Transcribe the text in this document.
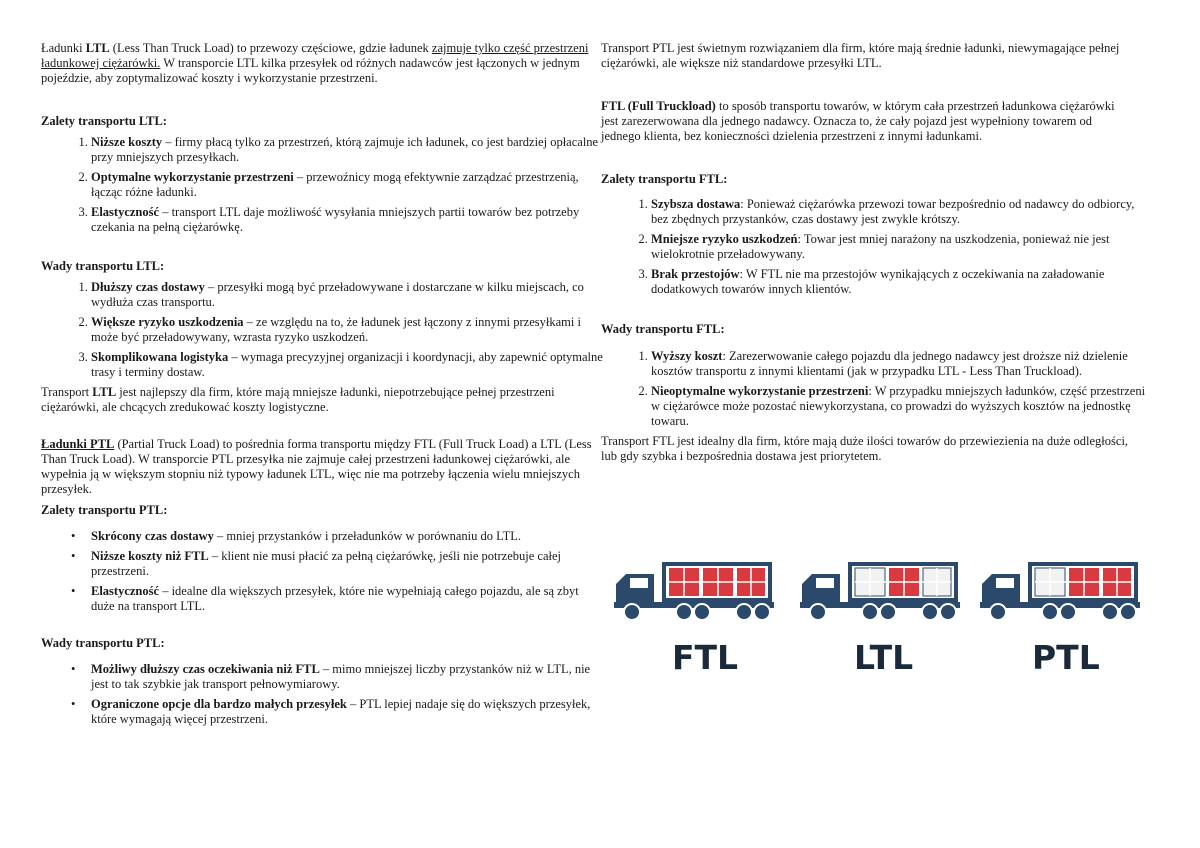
Transport PTL jest świetnym rozwiązaniem dla firm, które mają średnie ładunki, niewymagające pełnej ciężarówki, ale większe niż standardowe przesyłki LTL.

Ładunki LTL (Less Than Truck Load) to przewozy częściowe, gdzie ładunek zajmuje tylko część przestrzeni ładunkowej ciężarówki. W transporcie LTL kilka przesyłek od różnych nadawców jest łączonych w jednym pojeździe, aby zoptymalizować koszty i wykorzystanie przestrzeni.

Zalety transportu LTL:
1. Niższe koszty – firmy płacą tylko za przestrzeń, którą zajmuje ich ładunek, co jest bardziej opłacalne przy mniejszych przesyłkach.
2. Optymalne wykorzystanie przestrzeni – przewoźnicy mogą efektywnie zarządzać przestrzenią, łącząc różne ładunki.
3. Elastyczność – transport LTL daje możliwość wysyłania mniejszych partii towarów bez potrzeby czekania na pełną ciężarówkę.
Wady transportu LTL:
1. Dłuższy czas dostawy – przesyłki mogą być przeładowywane i dostarczane w kilku miejscach, co wydłuża czas transportu.
2. Większe ryzyko uszkodzenia – ze względu na to, że ładunek jest łączony z innymi przesyłkami i może być przeładowywany, wzrasta ryzyko uszkodzeń.
3. Skomplikowana logistyka – wymaga precyzyjnej organizacji i koordynacji, aby zapewnić optymalne trasy i terminy dostaw.

Transport LTL jest najlepszy dla firm, które mają mniejsze ładunki, niepotrzebujące pełnej przestrzeni ciężarówki, ale chcących zredukować koszty logistyczne.

Ładunki PTL (Partial Truck Load) to pośrednia forma transportu między FTL (Full Truck Load) a LTL (Less Than Truck Load). W transporcie PTL przesyłka nie zajmuje całej przestrzeni ładunkowej ciężarówki, ale wypełnia ją w większym stopniu niż typowy ładunek LTL, więc nie ma potrzeby łączenia wielu mniejszych przesyłek.

Zalety transportu PTL:
• Skrócony czas dostawy – mniej przystanków i przeładunków w porównaniu do LTL.
• Niższe koszty niż FTL – klient nie musi płacić za pełną ciężarówkę, jeśli nie potrzebuje całej przestrzeni.
• Elastyczność – idealne dla większych przesyłek, które nie wypełniają całego pojazdu, ale są zbyt duże na transport LTL.
Wady transportu PTL:
• Możliwy dłuższy czas oczekiwania niż FTL – mimo mniejszej liczby przystanków niż w LTL, nie jest to tak szybkie jak transport pełnowymiarowy.
• Ograniczone opcje dla bardzo małych przesyłek – PTL lepiej nadaje się do większych przesyłek, które wymagają więcej przestrzeni.

FTL (Full Truckload) to sposób transportu towarów, w którym cała przestrzeń ładunkowa ciężarówki jest zarezerwowana dla jednego nadawcy. Oznacza to, że cały pojazd jest wypełniony towarem od jednego klienta, bez konieczności dzielenia przestrzeni z innymi ładunkami.

Zalety transportu FTL:
1. Szybsza dostawa: Ponieważ ciężarówka przewozi towar bezpośrednio od nadawcy do odbiorcy, bez zbędnych przystanków, czas dostawy jest zwykle krótszy.
2. Mniejsze ryzyko uszkodzeń: Towar jest mniej narażony na uszkodzenia, ponieważ nie jest wielokrotnie przeładowywany.
3. Brak przestojów: W FTL nie ma przestojów wynikających z oczekiwania na załadowanie dodatkowych towarów innych klientów.
Wady transportu FTL:
1. Wyższy koszt: Zarezerwowanie całego pojazdu dla jednego nadawcy jest droższe niż dzielenie kosztów transportu z innymi klientami (jak w przypadku LTL - Less Than Truckload).
2. Nieoptymalne wykorzystanie przestrzeni: W przypadku mniejszych ładunków, część przestrzeni w ciężarówce może pozostać niewykorzystana, co prowadzi do wyższych kosztów na jednostkę towaru.

Transport FTL jest idealny dla firm, które mają duże ilości towarów do przewiezienia na duże odległości, lub gdy szybka i bezpośrednia dostawa jest priorytetem.

FTL	LTL	PTL
